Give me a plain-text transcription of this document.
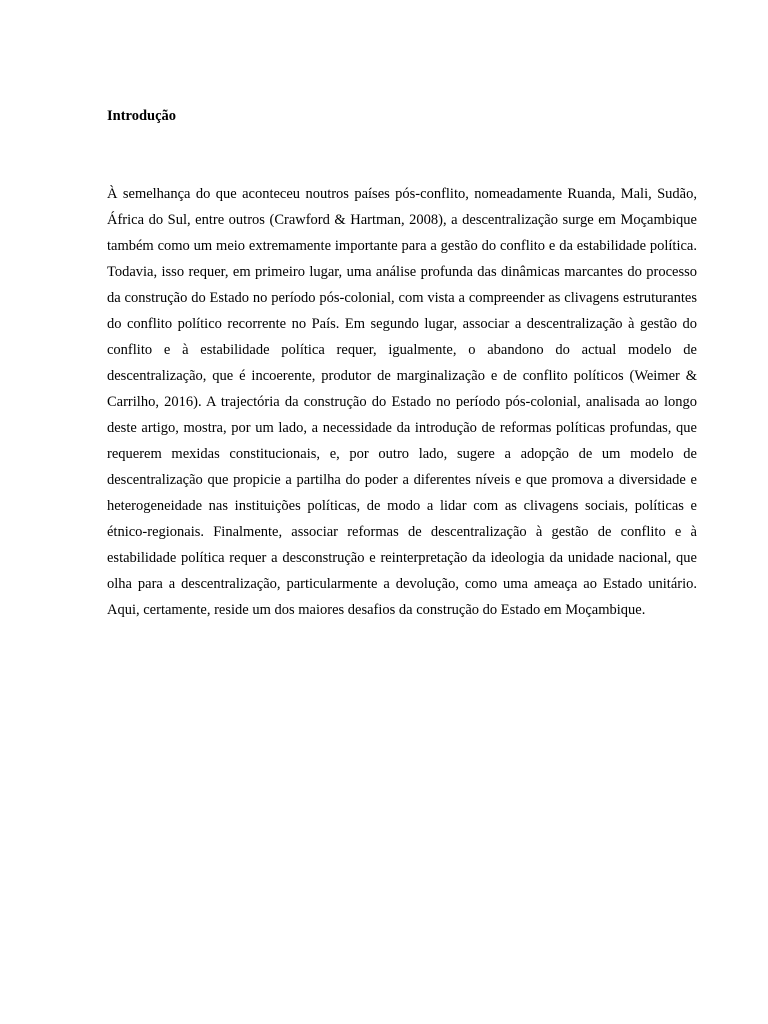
Introdução

À semelhança do que aconteceu noutros países pós-conflito, nomeadamente Ruanda, Mali, Sudão, África do Sul, entre outros (Crawford & Hartman, 2008), a descentralização surge em Moçambique também como um meio extremamente importante para a gestão do conflito e da estabilidade política. Todavia, isso requer, em primeiro lugar, uma análise profunda das dinâmicas marcantes do processo da construção do Estado no período pós-colonial, com vista a compreender as clivagens estruturantes do conflito político recorrente no País. Em segundo lugar, associar a descentralização à gestão do conflito e à estabilidade política requer, igualmente, o abandono do actual modelo de descentralização, que é incoerente, produtor de marginalização e de conflito políticos (Weimer & Carrilho, 2016). A trajectória da construção do Estado no período pós-colonial, analisada ao longo deste artigo, mostra, por um lado, a necessidade da introdução de reformas políticas profundas, que requerem mexidas constitucionais, e, por outro lado, sugere a adopção de um modelo de descentralização que propicie a partilha do poder a diferentes níveis e que promova a diversidade e heterogeneidade nas instituições políticas, de modo a lidar com as clivagens sociais, políticas e étnico-regionais. Finalmente, associar reformas de descentralização à gestão de conflito e à estabilidade política requer a desconstrução e reinterpretação da ideologia da unidade nacional, que olha para a descentralização, particularmente a devolução, como uma ameaça ao Estado unitário. Aqui, certamente, reside um dos maiores desafios da construção do Estado em Moçambique.
